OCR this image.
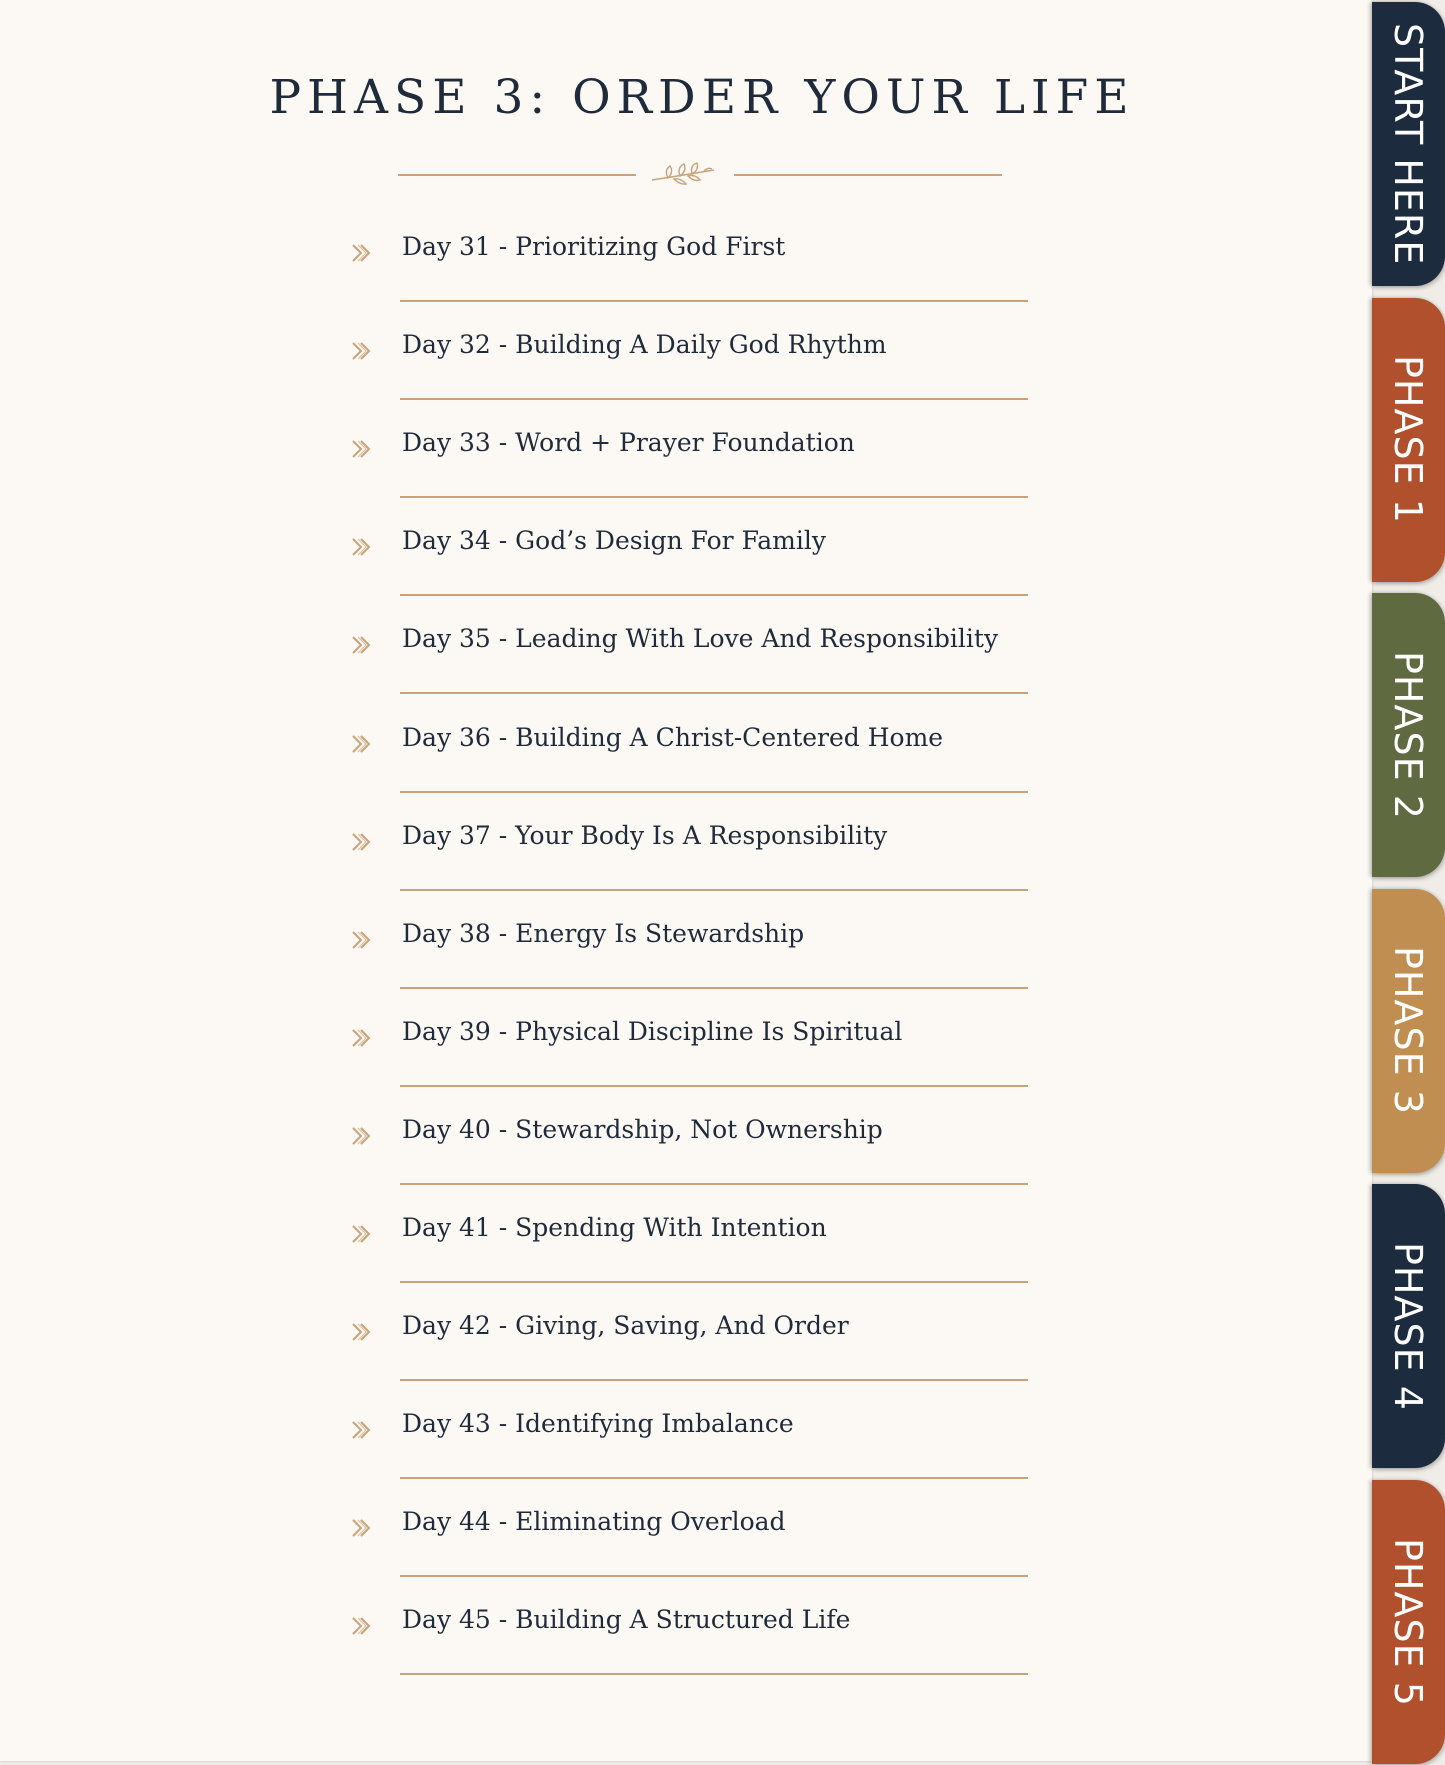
PHASE 3: ORDER YOUR LIFE
Day 31 - Prioritizing God First
Day 32 - Building A Daily God Rhythm
Day 33 - Word + Prayer Foundation
Day 34 - God’s Design For Family
Day 35 - Leading With Love And Responsibility
Day 36 - Building A Christ-Centered Home
Day 37 - Your Body Is A Responsibility
Day 38 - Energy Is Stewardship
Day 39 - Physical Discipline Is Spiritual
Day 40 - Stewardship, Not Ownership
Day 41 - Spending With Intention
Day 42 - Giving, Saving, And Order
Day 43 - Identifying Imbalance
Day 44 - Eliminating Overload
Day 45 - Building A Structured Life
START HERE
PHASE 1
PHASE 2
PHASE 3
PHASE 4
PHASE 5
